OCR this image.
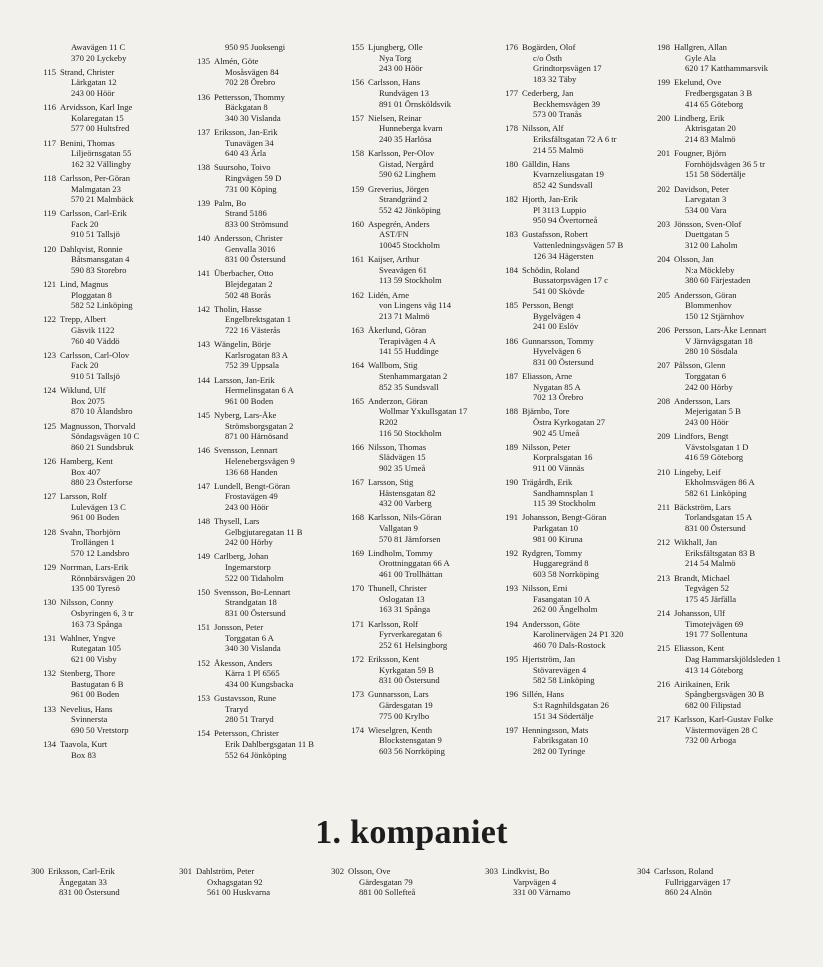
Awavägen 11 C
370 20 Lyckeby
115 Strand, Christer
Lärkgatan 12
243 00 Höör
116 Arvidsson, Karl Inge
Kolaregatan 15
577 00 Hultsfred
117 Benini, Thomas
Liljeörnsgatan 55
162 32 Vällingby
118 Carlsson, Per-Göran
Malmgatan 23
570 21 Malmbäck
119 Carlsson, Carl-Erik
Fack 20
910 51 Tallsjö
120 Dahlqvist, Ronnie
Båtsmansgatan 4
590 83 Storebro
121 Lind, Magnus
Ploggatan 8
582 52 Linköping
122 Trepp, Albert
Gäsvik 1122
760 40 Väddö
123 Carlsson, Carl-Olov
Fack 20
910 51 Tallsjö
124 Wiklund, Ulf
Box 2075
870 10 Älandsbro
125 Magnusson, Thorvald
Söndagsvägen 10 C
860 21 Sundsbruk
126 Hamberg, Kent
Box 407
880 23 Österforse
127 Larsson, Rolf
Lulevägen 13 C
961 00 Boden
128 Svahn, Thorbjörn
Trollängen 1
570 12 Landsbro
129 Norrman, Lars-Erik
Rönnbärsvägen 20
135 00 Tyresö
130 Nilsson, Conny
Osbyringen 6, 3 tr
163 73 Spånga
131 Wahlner, Yngve
Rutegatan 105
621 00 Visby
132 Stenberg, Thore
Bastugatan 6 B
961 00 Boden
133 Nevelius, Hans
Svinnersta
690 50 Vretstorp
134 Taavola, Kurt
Box 83
950 95 Juoksengi
135 Almén, Göte
Mosåsvägen 84
702 28 Örebro
136 Pettersson, Thommy
Bäckgatan 8
340 30 Vislanda
137 Eriksson, Jan-Erik
Tunavägen 34
640 43 Ärla
138 Suursoho, Toivo
Ringvägen 59 D
731 00 Köping
139 Palm, Bo
Strand 5186
833 00 Strömsund
140 Andersson, Christer
Genvalla 3016
831 00 Östersund
141 Überbacher, Otto
Blejdegatan 2
502 48 Borås
142 Tholin, Hasse
Engelbrektsgatan 1
722 16 Västerås
143 Wängelin, Börje
Karlsrogatan 83 A
752 39 Uppsala
144 Larsson, Jan-Erik
Hermelinsgatan 6 A
961 00 Boden
145 Nyberg, Lars-Åke
Strömsborgsgatan 2
871 00 Härnösand
146 Svensson, Lennart
Helenebergsvägen 9
136 68 Handen
147 Lundell, Bengt-Göran
Frostavägen 49
243 00 Höör
148 Thysell, Lars
Gelbgjutaregatan 11 B
242 00 Hörby
149 Carlberg, Johan
Ingemarstorp
522 00 Tidaholm
150 Svensson, Bo-Lennart
Strandgatan 18
831 00 Östersund
151 Jonsson, Peter
Torggatan 6 A
340 30 Vislanda
152 Åkesson, Anders
Kärra 1 Pl 6565
434 00 Kungsbacka
153 Gustavsson, Rune
Traryd
280 51 Traryd
154 Petersson, Christer
Erik Dahlbergsgatan 11 B
552 64 Jönköping
155 Ljungberg, Olle
Nya Torg
243 00 Höör
156 Carlsson, Hans
Rundvägen 13
891 01 Örnsköldsvik
157 Nielsen, Reinar
Hunneberga kvarn
240 35 Harlösa
158 Karlsson, Per-Olov
Gistad, Nergård
590 62 Linghem
159 Greverius, Jörgen
Strandgränd 2
552 42 Jönköping
160 Aspegrén, Anders
AST/FN
10045 Stockholm
161 Kaijser, Arthur
Sveavägen 61
113 59 Stockholm
162 Lidén, Arne
von Lingens väg 114
213 71 Malmö
163 Åkerlund, Göran
Terapivägen 4 A
141 55 Huddinge
164 Wallbom, Stig
Stenhammargatan 2
852 35 Sundsvall
165 Anderzon, Göran
Wollmar Yxkullsgatan 17
R202
116 50 Stockholm
166 Nilsson, Thomas
Slädvägen 15
902 35 Umeå
167 Larsson, Stig
Hästensgatan 82
432 00 Varberg
168 Karlsson, Nils-Göran
Vallgatan 9
570 81 Järnforsen
169 Lindholm, Tommy
Orottninggatan 66 A
461 00 Trollhättan
170 Thunell, Christer
Oslogatan 13
163 31 Spånga
171 Karlsson, Rolf
Fyrverkaregatan 6
252 61 Helsingborg
172 Eriksson, Kent
Kyrkgatan 59 B
831 00 Östersund
173 Gunnarsson, Lars
Gärdesgatan 19
775 00 Krylbo
174 Wieselgren, Kenth
Blockstensgatan 9
603 56 Norrköping
176 Bogärden, Olof
c/o Östh
Grindtorpsvägen 17
183 32 Täby
177 Cederberg, Jan
Beckhemsvägen 39
573 00 Tranås
178 Nilsson, Alf
Eriksfältsgatan 72 A 6 tr
214 55 Malmö
180 Gälldin, Hans
Kvarnzeliusgatan 19
852 42 Sundsvall
182 Hjorth, Jan-Erik
Pl 3113 Luppio
950 94 Övertorneå
183 Gustafsson, Robert
Vattenledningsvägen 57 B
126 34 Hägersten
184 Schödin, Roland
Bussatorpsvägen 17 c
541 00 Skövde
185 Persson, Bengt
Bygelvägen 4
241 00 Eslöv
186 Gunnarsson, Tommy
Hyvelvägen 6
831 00 Östersund
187 Eliasson, Arne
Nygatan 85 A
702 13 Örebro
188 Bjärnbo, Tore
Östra Kyrkogatan 27
902 45 Umeå
189 Nilsson, Peter
Korpralsgatan 16
911 00 Vännäs
190 Trägårdh, Erik
Sandhamnsplan 1
115 39 Stockholm
191 Johansson, Bengt-Göran
Parkgatan 10
981 00 Kiruna
192 Rydgren, Tommy
Huggaregränd 8
603 58 Norrköping
193 Nilsson, Erni
Fasangatan 10 A
262 00 Ängelholm
194 Andersson, Göte
Karolinervägen 24 P1 320
460 70 Dals-Rostock
195 Hjertström, Jan
Stövarevägen 4
582 58 Linköping
196 Sillén, Hans
S:t Ragnhildsgatan 26
151 34 Södertälje
197 Henningsson, Mats
Fabriksgatan 10
282 00 Tyringe
198 Hallgren, Allan
Gyle Ala
620 17 Katthammarsvik
199 Ekelund, Ove
Fredbergsgatan 3 B
414 65 Göteborg
200 Lindberg, Erik
Aktrisgatan 20
214 83 Malmö
201 Fougner, Björn
Fornhöjdsvägen 36 5 tr
151 58 Södertälje
202 Davidson, Peter
Larvgatan 3
534 00 Vara
203 Jönsson, Sven-Olof
Duettgatan 5
312 00 Laholm
204 Olsson, Jan
N:a Möckleby
380 60 Färjestaden
205 Andersson, Göran
Blommenhov
150 12 Stjärnhov
206 Persson, Lars-Åke Lennart
V Järnvägsgatan 18
280 10 Sösdala
207 Pålsson, Glenn
Torggatan 6
242 00 Hörby
208 Andersson, Lars
Mejerigatan 5 B
243 00 Höör
209 Lindfors, Bengt
Vävstolsgatan 1 D
416 59 Göteborg
210 Lingeby, Leif
Ekholmsvägen 86 A
582 61 Linköping
211 Bäckström, Lars
Torlandsgatan 15 A
831 00 Östersund
212 Wikhall, Jan
Eriksfältsgatan 83 B
214 54 Malmö
213 Brandt, Michael
Tegvägen 52
175 45 Järfälla
214 Johansson, Ulf
Timotejvägen 69
191 77 Sollentuna
215 Eliasson, Kent
Dag Hammarskjöldsleden 1
413 14 Göteborg
216 Airikainen, Erik
Spångbergsvägen 30 B
682 00 Filipstad
217 Karlsson, Karl-Gustav Folke
Västermovägen 28 C
732 00 Arboga
1. kompaniet
300 Eriksson, Carl-Erik
Ängegatan 33
831 00 Östersund
301 Dahlström, Peter
Oxhagsgatan 92
561 00 Huskvarna
302 Olsson, Ove
Gärdesgatan 79
881 00 Sollefteå
303 Lindkvist, Bo
Varpvägen 4
331 00 Värnamo
304 Carlsson, Roland
Fullriggarvägen 17
860 24 Alnön
